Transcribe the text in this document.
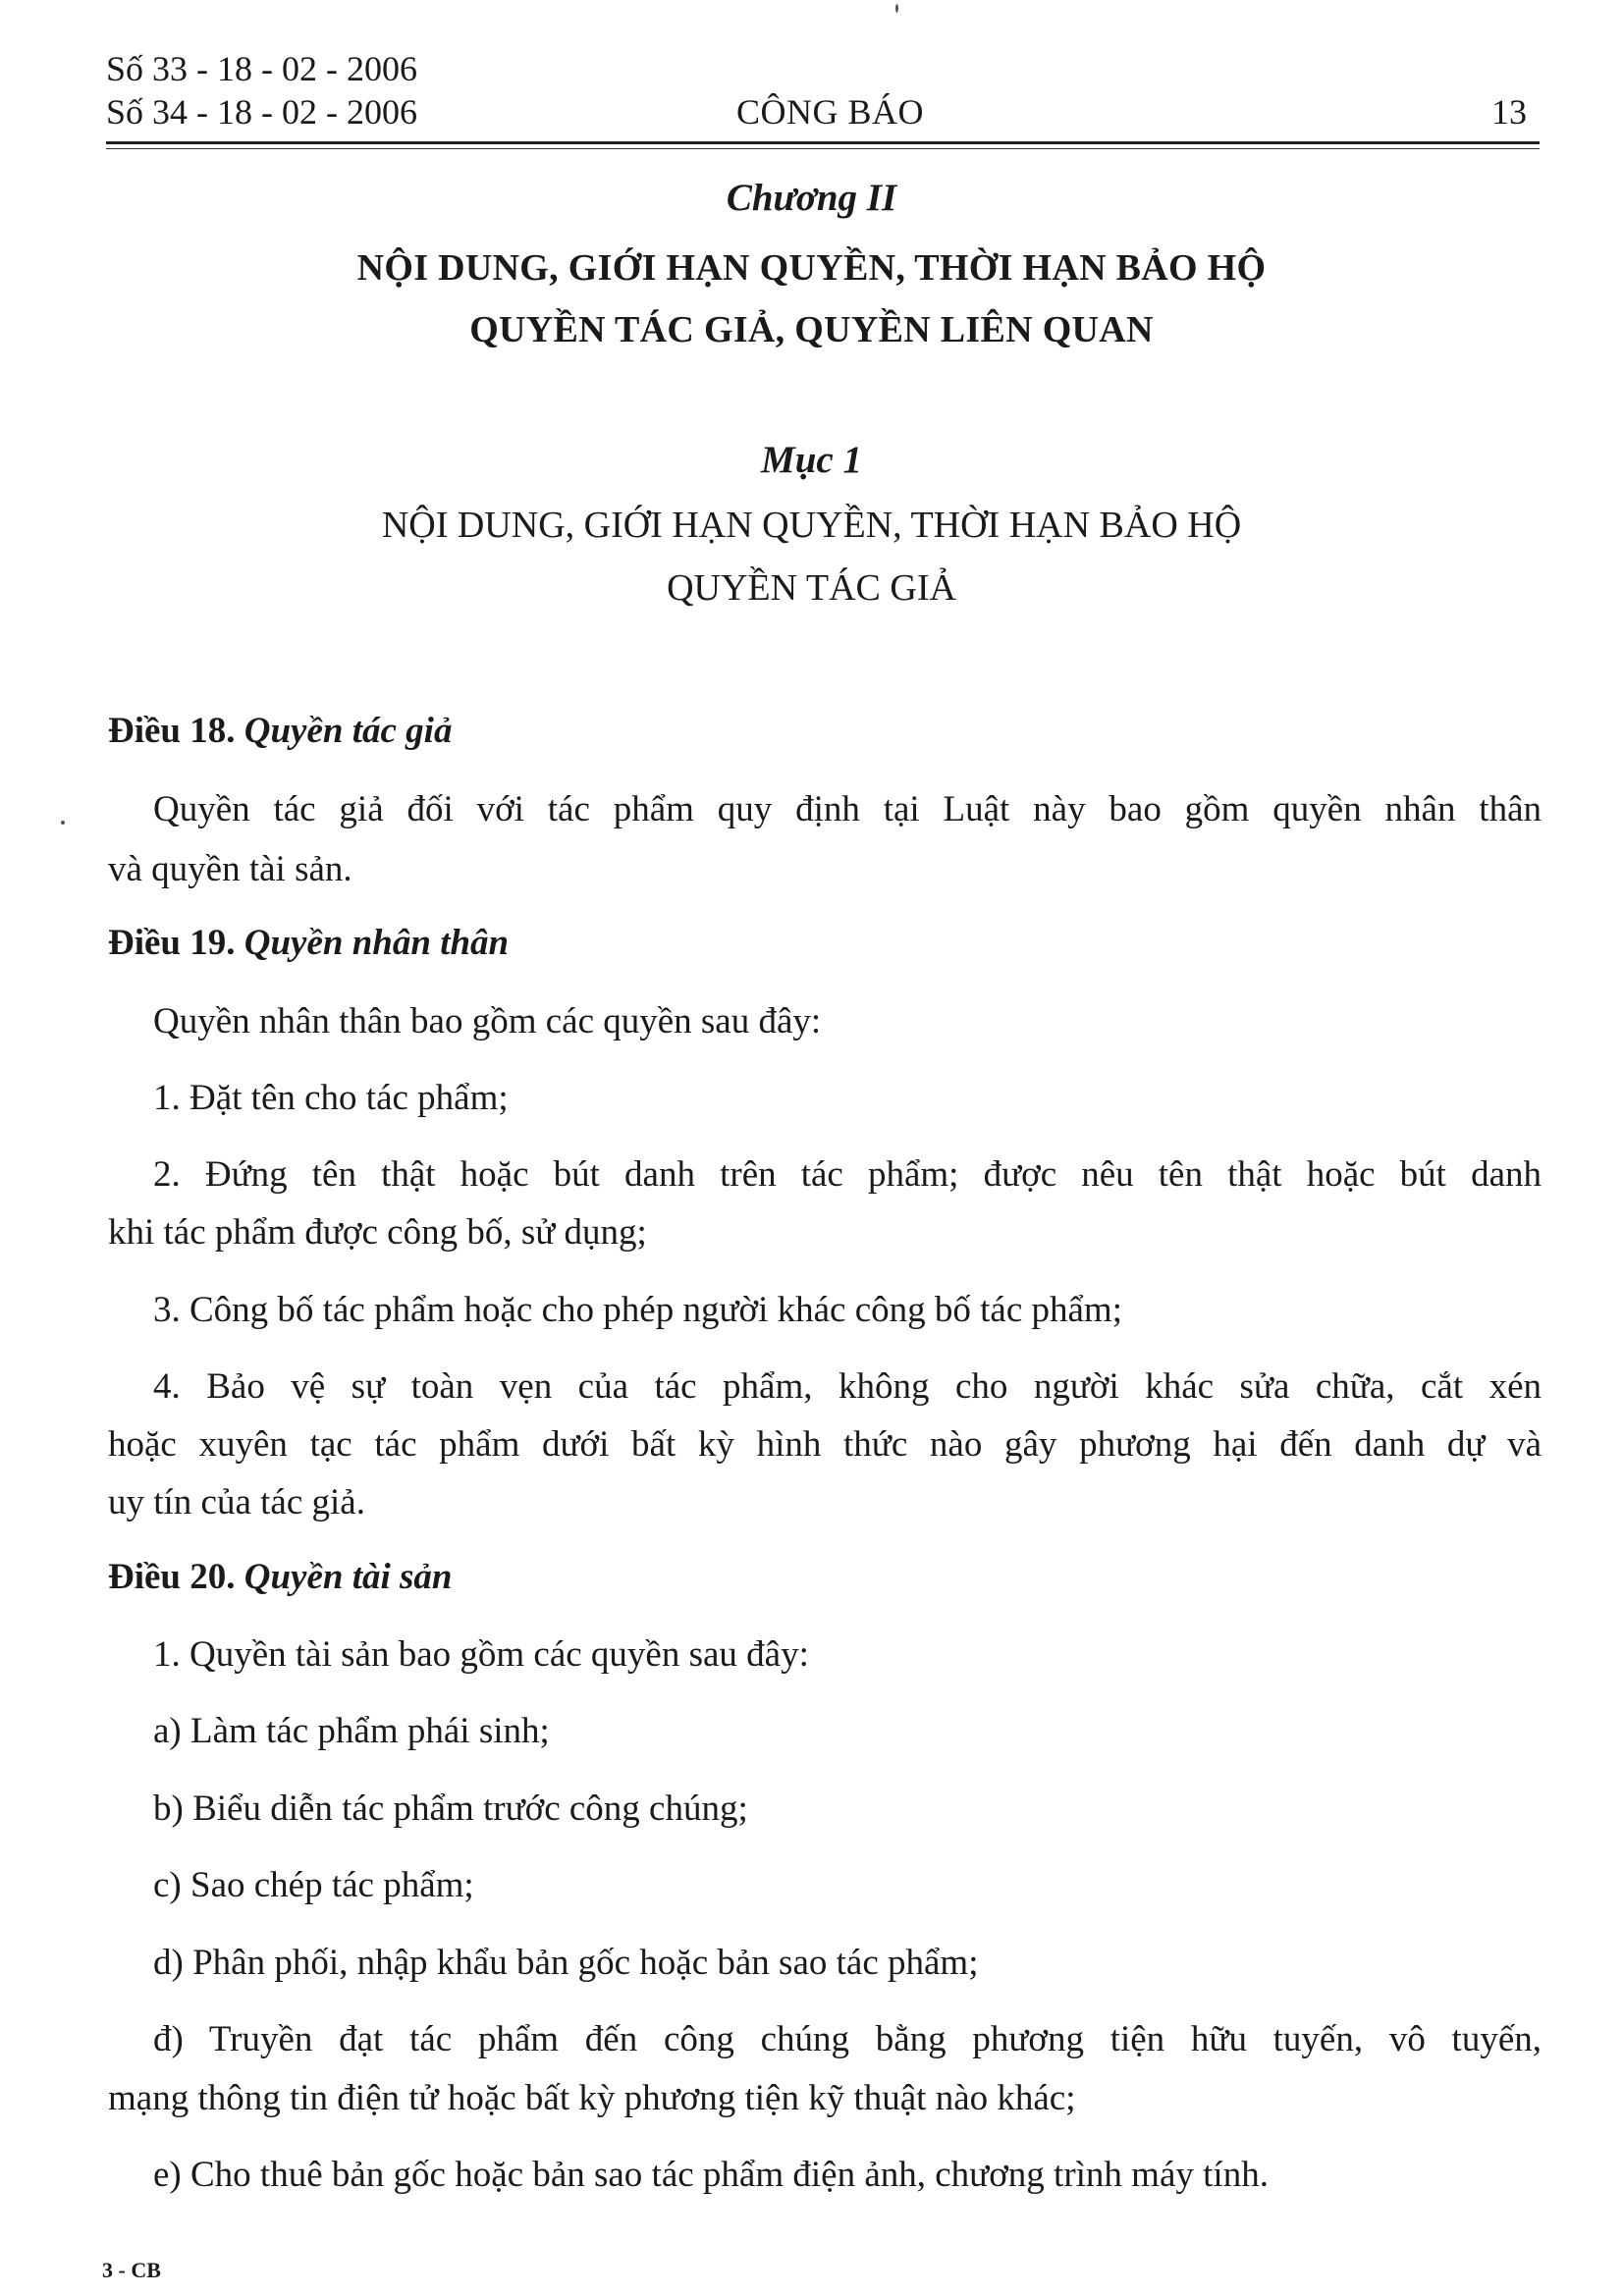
Số 33 - 18 - 02 - 2006
Số 34 - 18 - 02 - 2006	CÔNG BÁO	13
Chương II
NỘI DUNG, GIỚI HẠN QUYỀN, THỜI HẠN BẢO HỘ
QUYỀN TÁC GIẢ, QUYỀN LIÊN QUAN
Mục 1
NỘI DUNG, GIỚI HẠN QUYỀN, THỜI HẠN BẢO HỘ
QUYỀN TÁC GIẢ
Điều 18. Quyền tác giả
Quyền tác giả đối với tác phẩm quy định tại Luật này bao gồm quyền nhân thân
và quyền tài sản.
Điều 19. Quyền nhân thân
Quyền nhân thân bao gồm các quyền sau đây:
1. Đặt tên cho tác phẩm;
2. Đứng tên thật hoặc bút danh trên tác phẩm; được nêu tên thật hoặc bút danh
khi tác phẩm được công bố, sử dụng;
3. Công bố tác phẩm hoặc cho phép người khác công bố tác phẩm;
4. Bảo vệ sự toàn vẹn của tác phẩm, không cho người khác sửa chữa, cắt xén
hoặc xuyên tạc tác phẩm dưới bất kỳ hình thức nào gây phương hại đến danh dự và
uy tín của tác giả.
Điều 20. Quyền tài sản
1. Quyền tài sản bao gồm các quyền sau đây:
a) Làm tác phẩm phái sinh;
b) Biểu diễn tác phẩm trước công chúng;
c) Sao chép tác phẩm;
d) Phân phối, nhập khẩu bản gốc hoặc bản sao tác phẩm;
đ) Truyền đạt tác phẩm đến công chúng bằng phương tiện hữu tuyến, vô tuyến,
mạng thông tin điện tử hoặc bất kỳ phương tiện kỹ thuật nào khác;
e) Cho thuê bản gốc hoặc bản sao tác phẩm điện ảnh, chương trình máy tính.
3 - CB
